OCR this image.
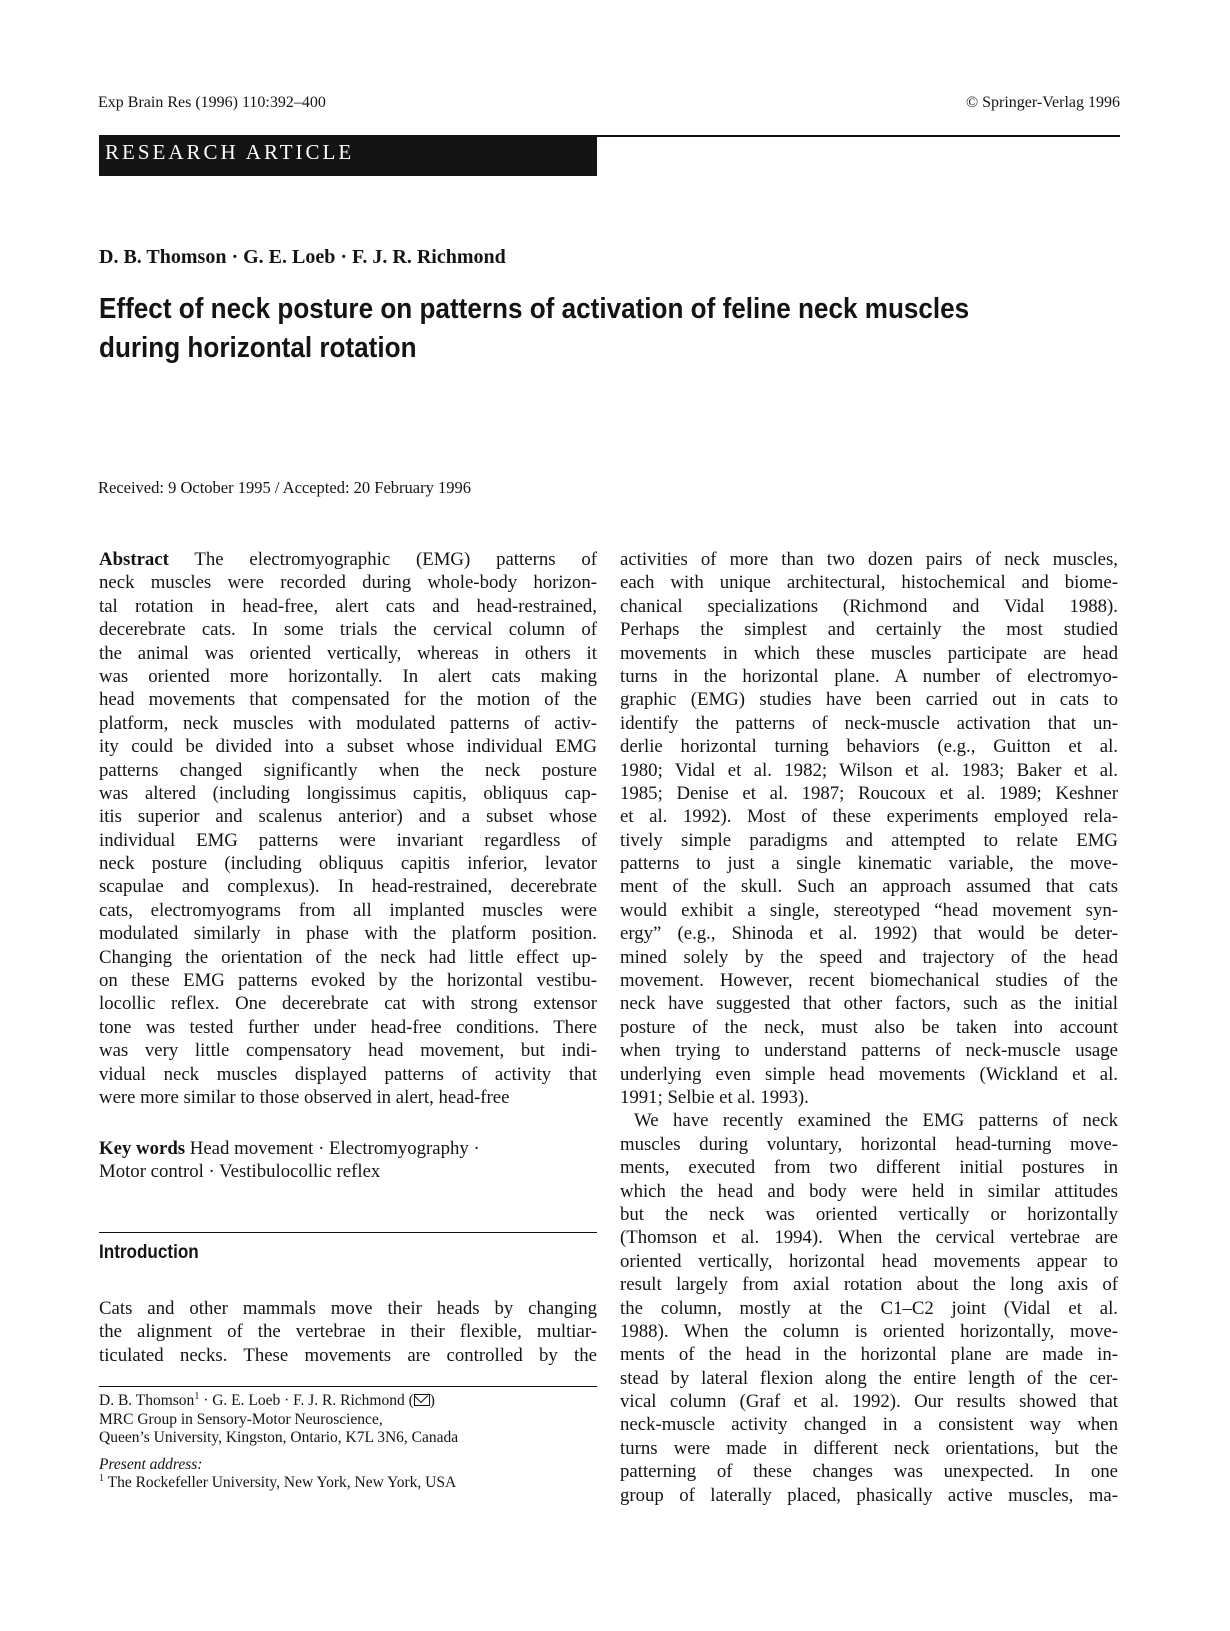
Exp Brain Res (1996) 110:392–400	© Springer-Verlag 1996
RESEARCH ARTICLE
D. B. Thomson · G. E. Loeb · F. J. R. Richmond
Effect of neck posture on patterns of activation of feline neck muscles
during horizontal rotation
Received: 9 October 1995 / Accepted: 20 February 1996
Abstract The electromyographic (EMG) patterns of
neck muscles were recorded during whole-body horizon-
tal rotation in head-free, alert cats and head-restrained,
decerebrate cats. In some trials the cervical column of
the animal was oriented vertically, whereas in others it
was oriented more horizontally. In alert cats making
head movements that compensated for the motion of the
platform, neck muscles with modulated patterns of activ-
ity could be divided into a subset whose individual EMG
patterns changed significantly when the neck posture
was altered (including longissimus capitis, obliquus cap-
itis superior and scalenus anterior) and a subset whose
individual EMG patterns were invariant regardless of
neck posture (including obliquus capitis inferior, levator
scapulae and complexus). In head-restrained, decerebrate
cats, electromyograms from all implanted muscles were
modulated similarly in phase with the platform position.
Changing the orientation of the neck had little effect up-
on these EMG patterns evoked by the horizontal vestibu-
locollic reflex. One decerebrate cat with strong extensor
tone was tested further under head-free conditions. There
was very little compensatory head movement, but indi-
vidual neck muscles displayed patterns of activity that
were more similar to those observed in alert, head-free
Key words Head movement · Electromyography ·
Motor control · Vestibulocollic reflex
Introduction
Cats and other mammals move their heads by changing
the alignment of the vertebrae in their flexible, multiar-
ticulated necks. These movements are controlled by the
D. B. Thomson$^1$ · G. E. Loeb · F. J. R. Richmond ( )
MRC Group in Sensory-Motor Neuroscience,
Queen’s University, Kingston, Ontario, K7L 3N6, Canada
Present address:
$^1$ The Rockefeller University, New York, New York, USA
activities of more than two dozen pairs of neck muscles,
each with unique architectural, histochemical and biome-
chanical specializations (Richmond and Vidal 1988).
Perhaps the simplest and certainly the most studied
movements in which these muscles participate are head
turns in the horizontal plane. A number of electromyo-
graphic (EMG) studies have been carried out in cats to
identify the patterns of neck-muscle activation that un-
derlie horizontal turning behaviors (e.g., Guitton et al.
1980; Vidal et al. 1982; Wilson et al. 1983; Baker et al.
1985; Denise et al. 1987; Roucoux et al. 1989; Keshner
et al. 1992). Most of these experiments employed rela-
tively simple paradigms and attempted to relate EMG
patterns to just a single kinematic variable, the move-
ment of the skull. Such an approach assumed that cats
would exhibit a single, stereotyped “head movement syn-
ergy” (e.g., Shinoda et al. 1992) that would be deter-
mined solely by the speed and trajectory of the head
movement. However, recent biomechanical studies of the
neck have suggested that other factors, such as the initial
posture of the neck, must also be taken into account
when trying to understand patterns of neck-muscle usage
underlying even simple head movements (Wickland et al.
1991; Selbie et al. 1993).
We have recently examined the EMG patterns of neck
muscles during voluntary, horizontal head-turning move-
ments, executed from two different initial postures in
which the head and body were held in similar attitudes
but the neck was oriented vertically or horizontally
(Thomson et al. 1994). When the cervical vertebrae are
oriented vertically, horizontal head movements appear to
result largely from axial rotation about the long axis of
the column, mostly at the C1–C2 joint (Vidal et al.
1988). When the column is oriented horizontally, move-
ments of the head in the horizontal plane are made in-
stead by lateral flexion along the entire length of the cer-
vical column (Graf et al. 1992). Our results showed that
neck-muscle activity changed in a consistent way when
turns were made in different neck orientations, but the
patterning of these changes was unexpected. In one
group of laterally placed, phasically active muscles, ma-
